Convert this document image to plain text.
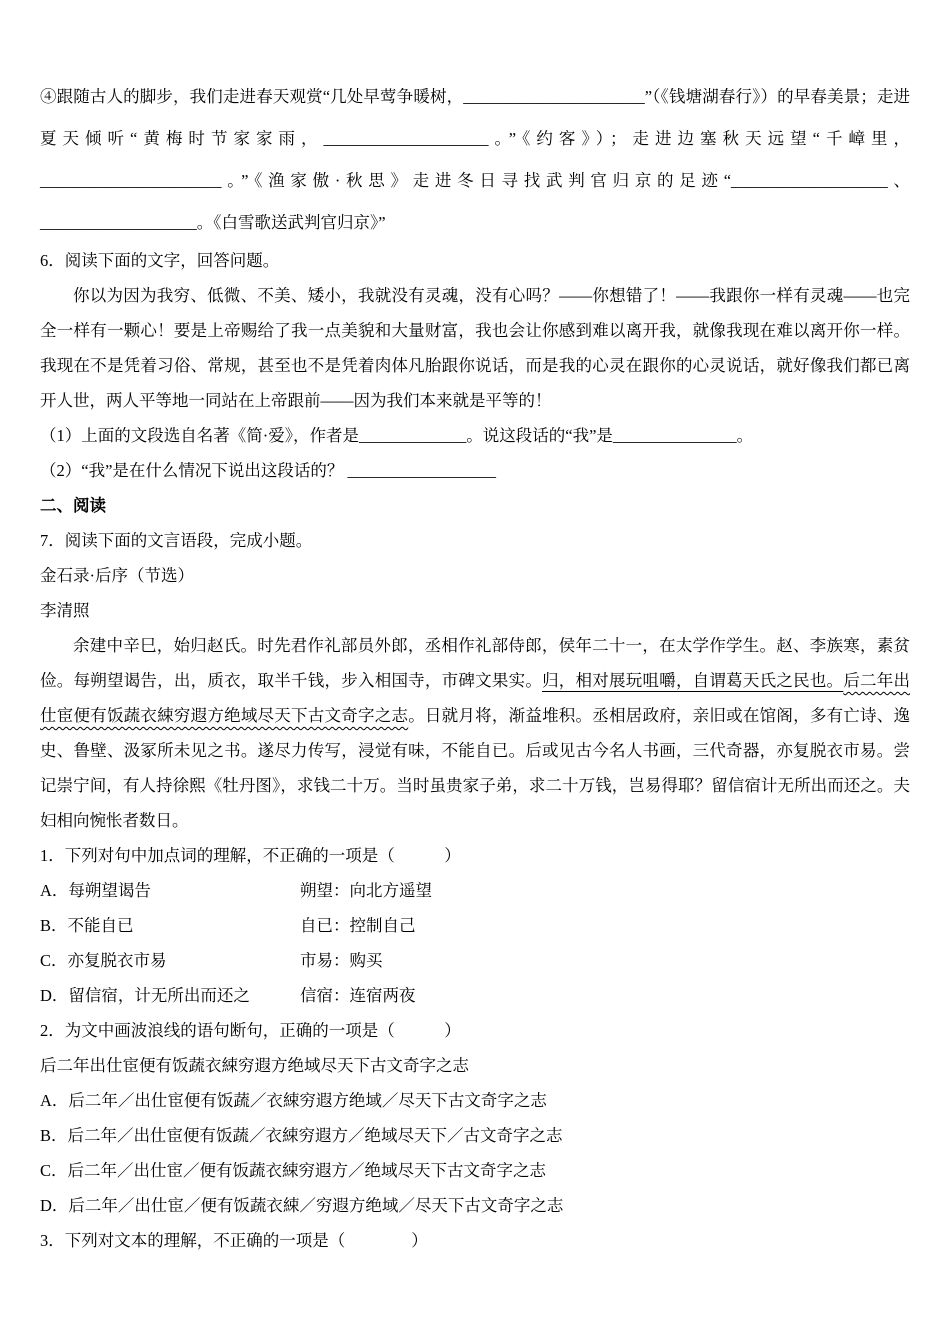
④跟随古人的脚步，我们走进春天观赏“几处早莺争暖树，______________________”（《钱塘湖春行》）的早春美景；走进夏天倾听“黄梅时节家家雨，____________________。”《约客》）；走进边塞秋天远望“千嶂里，______________________。”《渔家傲·秋思》走进冬日寻找武判官归京的足迹“___________________、___________________。《白雪歌送武判官归京》”
6．阅读下面的文字，回答问题。
你以为因为我穷、低微、不美、矮小，我就没有灵魂，没有心吗？——你想错了！——我跟你一样有灵魂——也完全一样有一颗心！要是上帝赐给了我一点美貌和大量财富，我也会让你感到难以离开我，就像我现在难以离开你一样。我现在不是凭着习俗、常规，甚至也不是凭着肉体凡胎跟你说话，而是我的心灵在跟你的心灵说话，就好像我们都已离开人世，两人平等地一同站在上帝跟前——因为我们本来就是平等的！
（1）上面的文段选自名著《简·爱》，作者是_____________。说这段话的“我”是_______________。
（2）“我”是在什么情况下说出这段话的？ __________________
二、阅读
7．阅读下面的文言语段，完成小题。
金石录·后序（节选）
李清照
余建中辛巳，始归赵氏。时先君作礼部员外郎，丞相作礼部侍郎，侯年二十一，在太学作学生。赵、李族寒，素贫俭。每朔望谒告，出，质衣，取半千钱，步入相国寺，市碑文果实。归，相对展玩咀嚼，自谓葛天氏之民也。后二年出仕宦便有饭蔬衣綀穷遐方绝域尽天下古文奇字之志。日就月将，渐益堆积。丞相居政府，亲旧或在馆阁，多有亡诗、逸史、鲁壁、汲冢所未见之书。遂尽力传写，浸觉有味，不能自已。后或见古今名人书画，三代奇器，亦复脱衣市易。尝记崇宁间，有人持徐熙《牡丹图》，求钱二十万。当时虽贵家子弟，求二十万钱，岂易得耶？留信宿计无所出而还之。夫妇相向惋怅者数日。
1．下列对句中加点词的理解，不正确的一项是（　　　）
A．每朔望谒告	朔望：向北方遥望
B．不能自已	自已：控制自己
C．亦复脱衣市易	市易：购买
D．留信宿，计无所出而还之	信宿：连宿两夜
2．为文中画波浪线的语句断句，正确的一项是（　　　）
后二年出仕宦便有饭蔬衣綀穷遐方绝域尽天下古文奇字之志
A．后二年／出仕宦便有饭蔬／衣綀穷遐方绝域／尽天下古文奇字之志
B．后二年／出仕宦便有饭蔬／衣綀穷遐方／绝域尽天下／古文奇字之志
C．后二年／出仕宦／便有饭蔬衣綀穷遐方／绝域尽天下古文奇字之志
D．后二年／出仕宦／便有饭蔬衣綀／穷遐方绝域／尽天下古文奇字之志
3．下列对文本的理解，不正确的一项是（　　　　）
